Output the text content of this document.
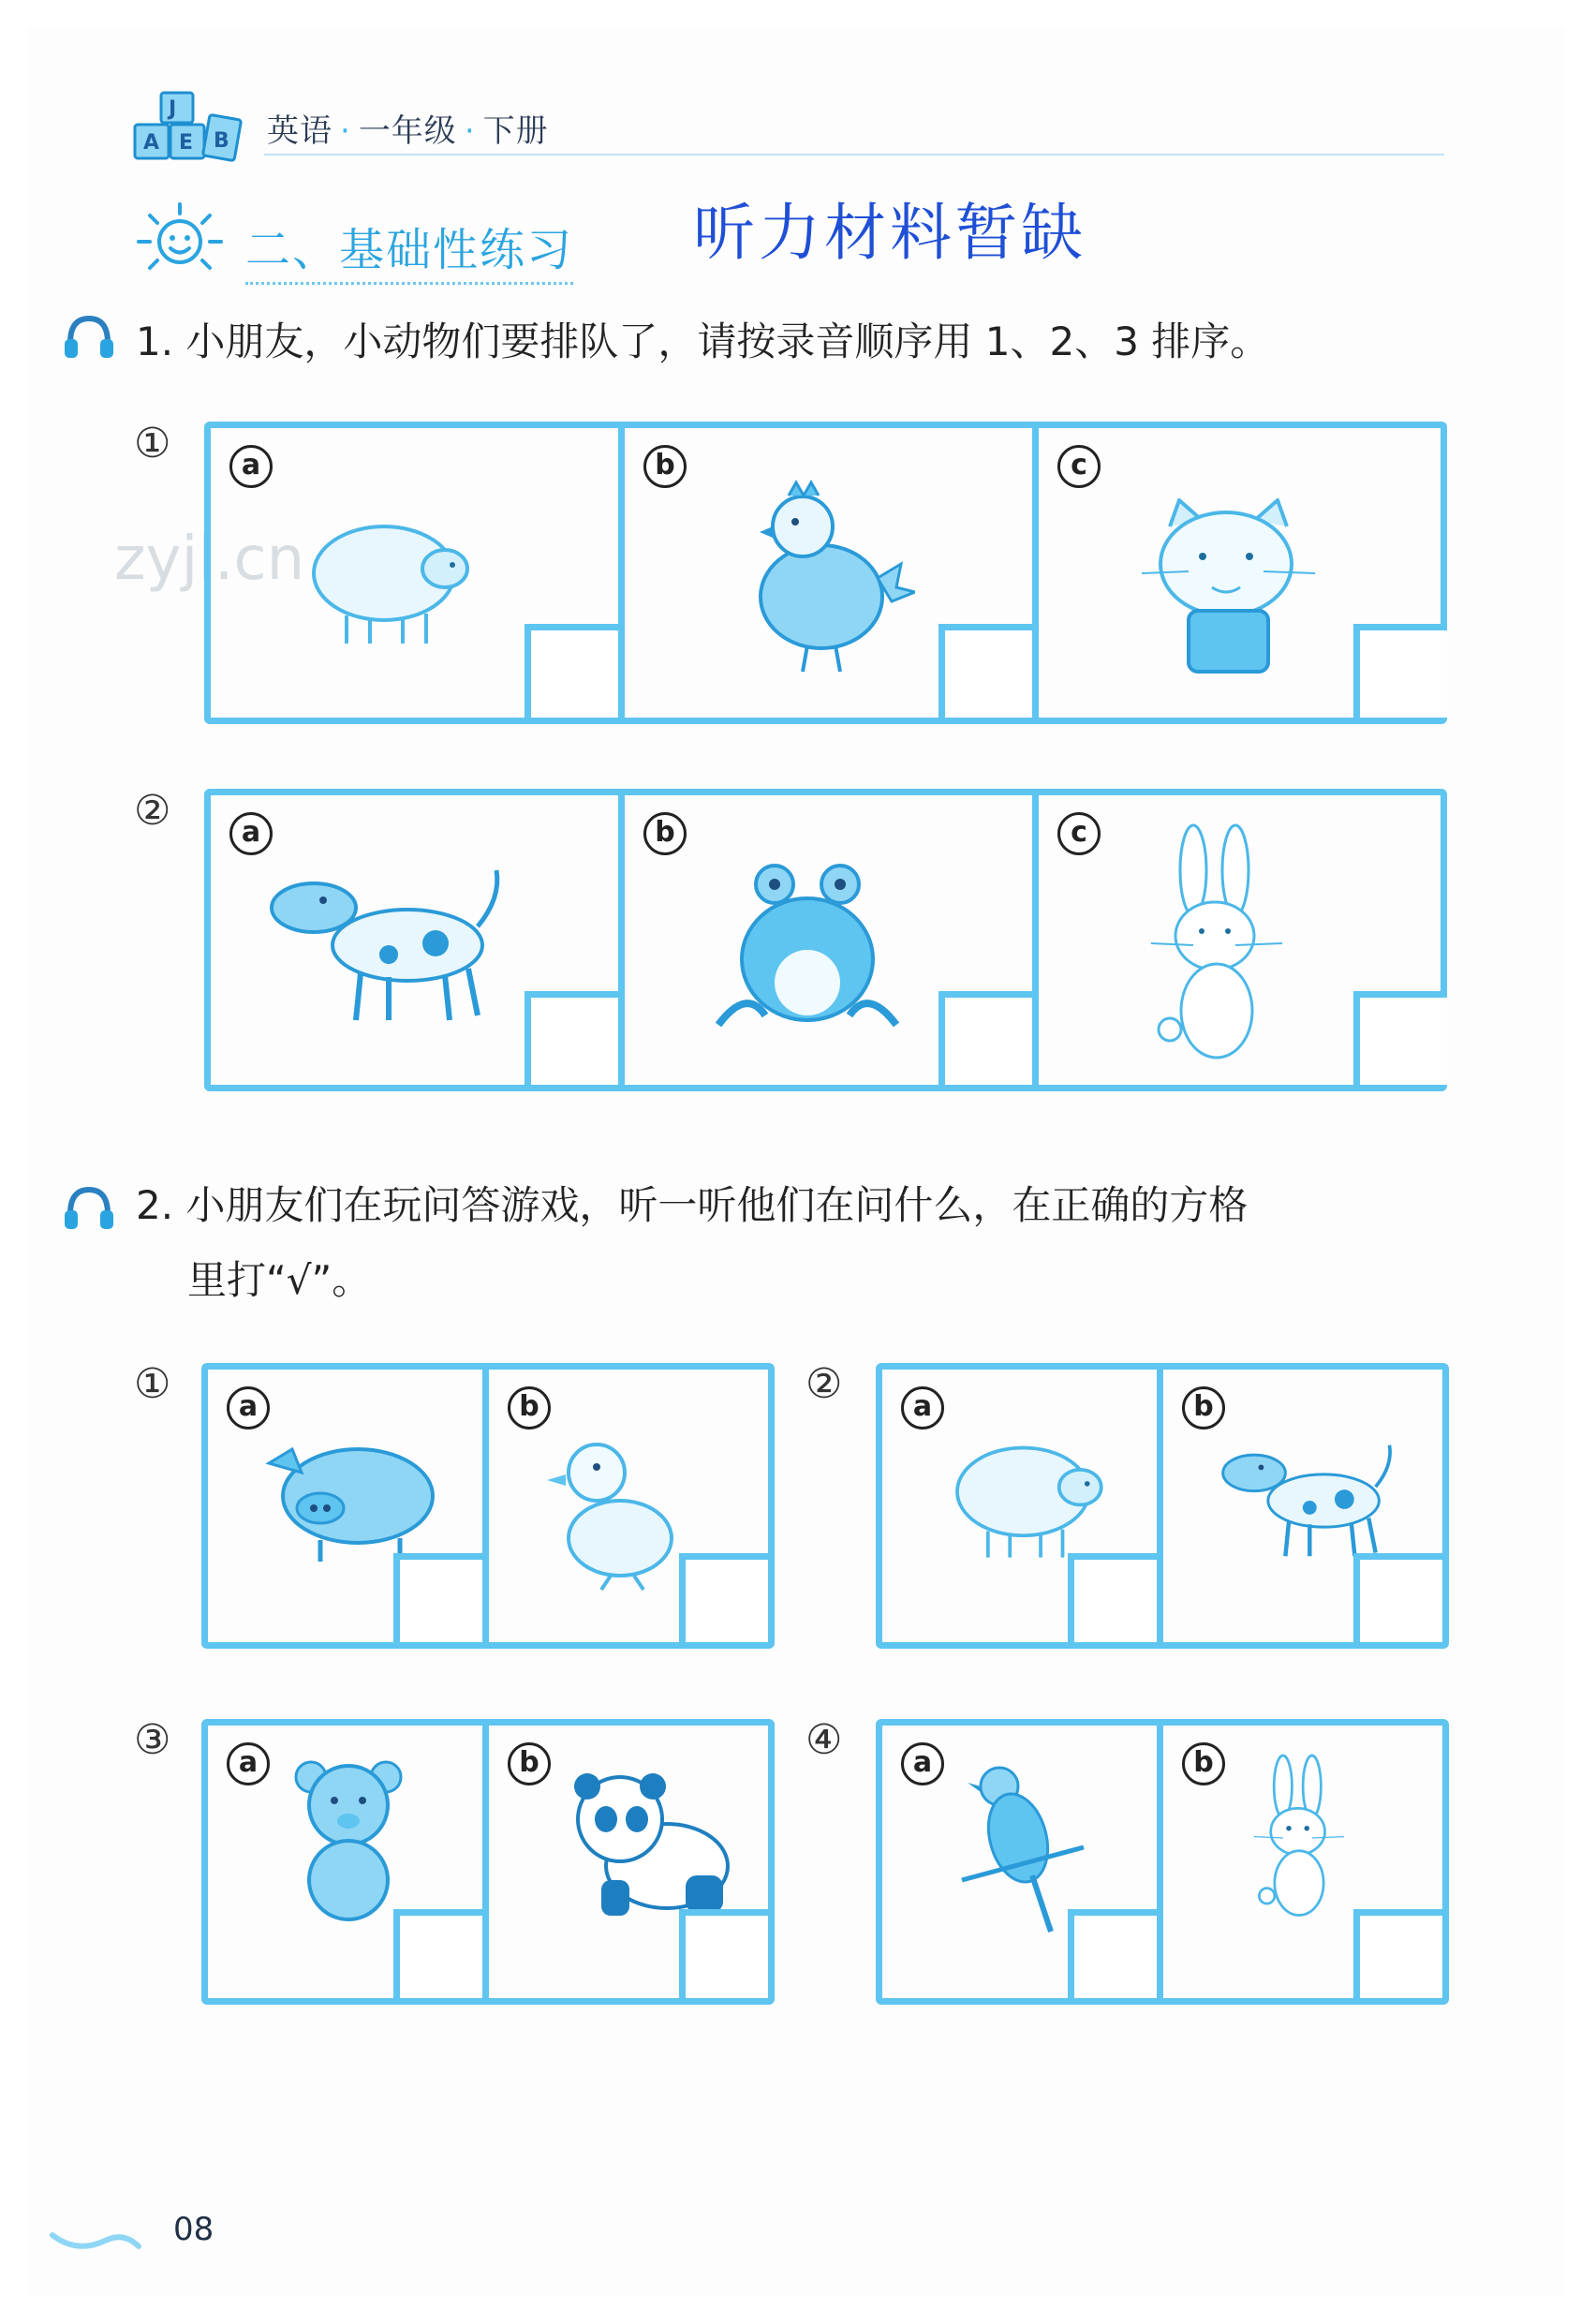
J
A E B 英语 · 一年级 · 下册
二、基础性练习 听力材料暂缺
1. 小朋友，小动物们要排队了，请按录音顺序用 1、2、3 排序。
zyjl.cn
①	a	b	c
②	a	b	c
2. 小朋友们在玩问答游戏，听一听他们在问什么，在正确的方格
里打“√”。
①	a	b	②	a	b
③	a	b	④	a	b
08
